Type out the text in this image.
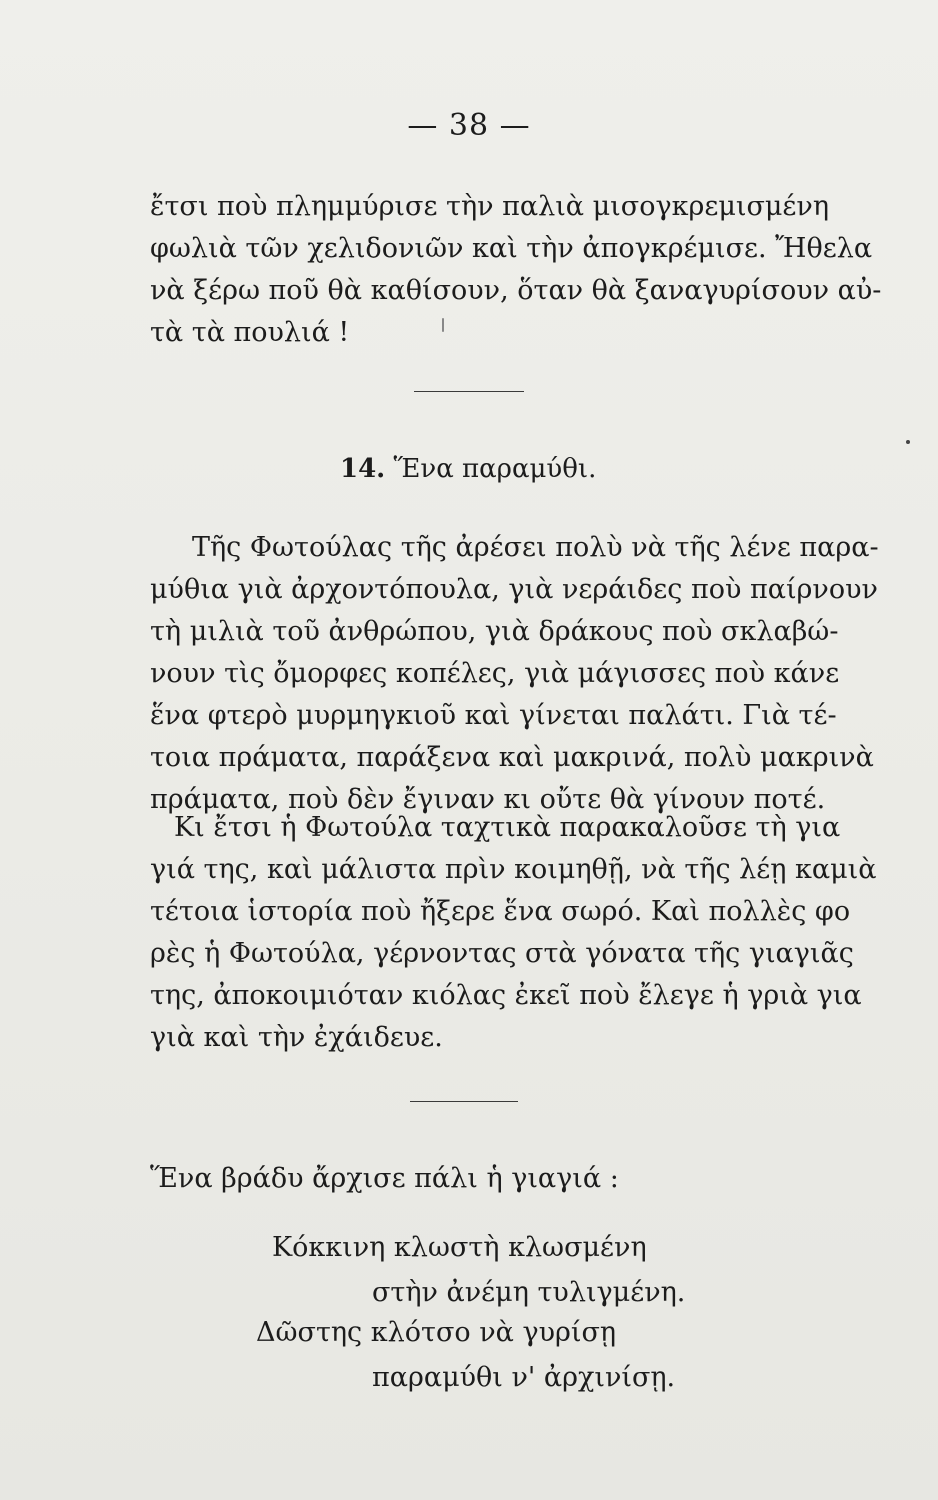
— 38 —
ἔτσι ποὺ πλημμύρισε τὴν παλιὰ μισογκρεμισμένη
φωλιὰ τῶν χελιδονιῶν καὶ τὴν ἀπογκρέμισε. Ἤθελα
νὰ ξέρω ποῦ θὰ καθίσουν, ὅταν θὰ ξαναγυρίσουν αὐ-
τὰ τὰ πουλιά !
14. Ἕνα παραμύθι.
Τῆς Φωτούλας τῆς ἀρέσει πολὺ νὰ τῆς λένε παρα-
μύθια γιὰ ἀρχοντόπουλα, γιὰ νεράιδες ποὺ παίρνουν
τὴ μιλιὰ τοῦ ἀνθρώπου, γιὰ δράκους ποὺ σκλαβώ-
νουν τὶς ὄμορφες κοπέλες, γιὰ μάγισσες ποὺ κάνε
ἕνα φτερὸ μυρμηγκιοῦ καὶ γίνεται παλάτι. Γιὰ τέ-
τοια πράματα, παράξενα καὶ μακρινά, πολὺ μακρινὰ
πράματα, ποὺ δὲν ἔγιναν κι οὔτε θὰ γίνουν ποτέ.
Κι ἔτσι ἡ Φωτούλα ταχτικὰ παρακαλοῦσε τὴ για
γιά της, καὶ μάλιστα πρὶν κοιμηθῇ, νὰ τῆς λέῃ καμιὰ
τέτοια ἱστορία ποὺ ἤξερε ἕνα σωρό. Καὶ πολλὲς φο
ρὲς ἡ Φωτούλα, γέρνοντας στὰ γόνατα τῆς γιαγιᾶς
της, ἀποκοιμιόταν κιόλας ἐκεῖ ποὺ ἔλεγε ἡ γριὰ για
γιὰ καὶ τὴν ἐχάιδευε.
Ἕνα βράδυ ἄρχισε πάλι ἡ γιαγιά :
Κόκκινη κλωστὴ κλωσμένη
στὴν ἀνέμη τυλιγμένη.
Δῶστης κλότσο νὰ γυρίσῃ
παραμύθι ν' ἀρχινίσῃ.
